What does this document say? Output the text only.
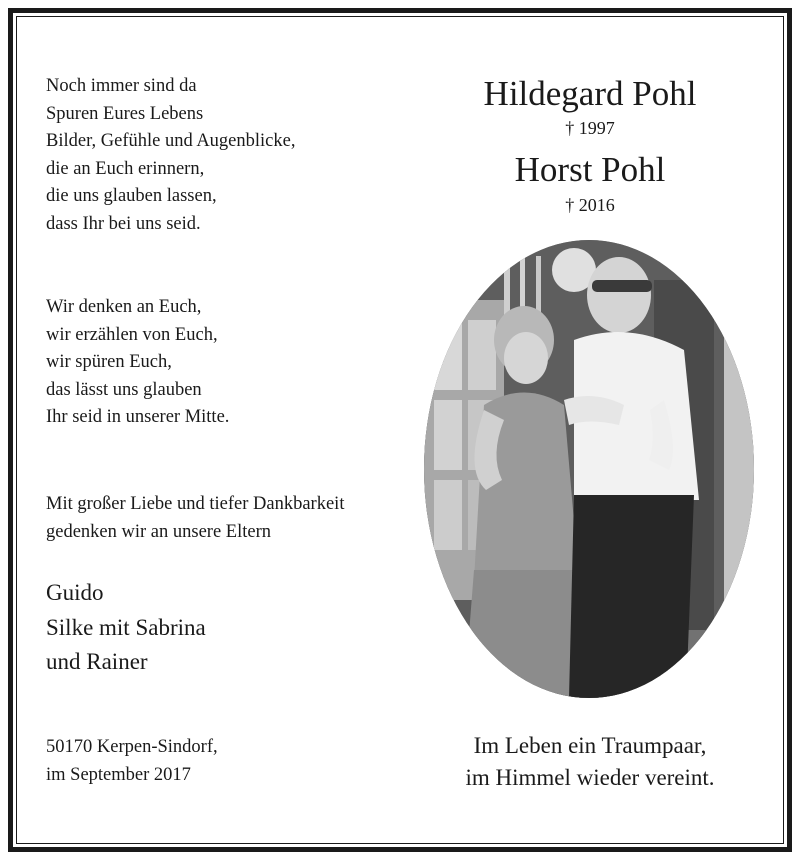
Noch immer sind da
Spuren Eures Lebens
Bilder, Gefühle und Augenblicke,
die an Euch erinnern,
die uns glauben lassen,
dass Ihr bei uns seid.
Wir denken an Euch,
wir erzählen von Euch,
wir spüren Euch,
das lässt uns glauben
Ihr seid in unserer Mitte.
Mit großer Liebe und tiefer Dankbarkeit
gedenken wir an unsere Eltern
Guido
Silke mit Sabrina
und Rainer
50170 Kerpen-Sindorf,
im September 2017
Hildegard Pohl
† 1997
Horst Pohl
† 2016
Im Leben ein Traumpaar,
im Himmel wieder vereint.
